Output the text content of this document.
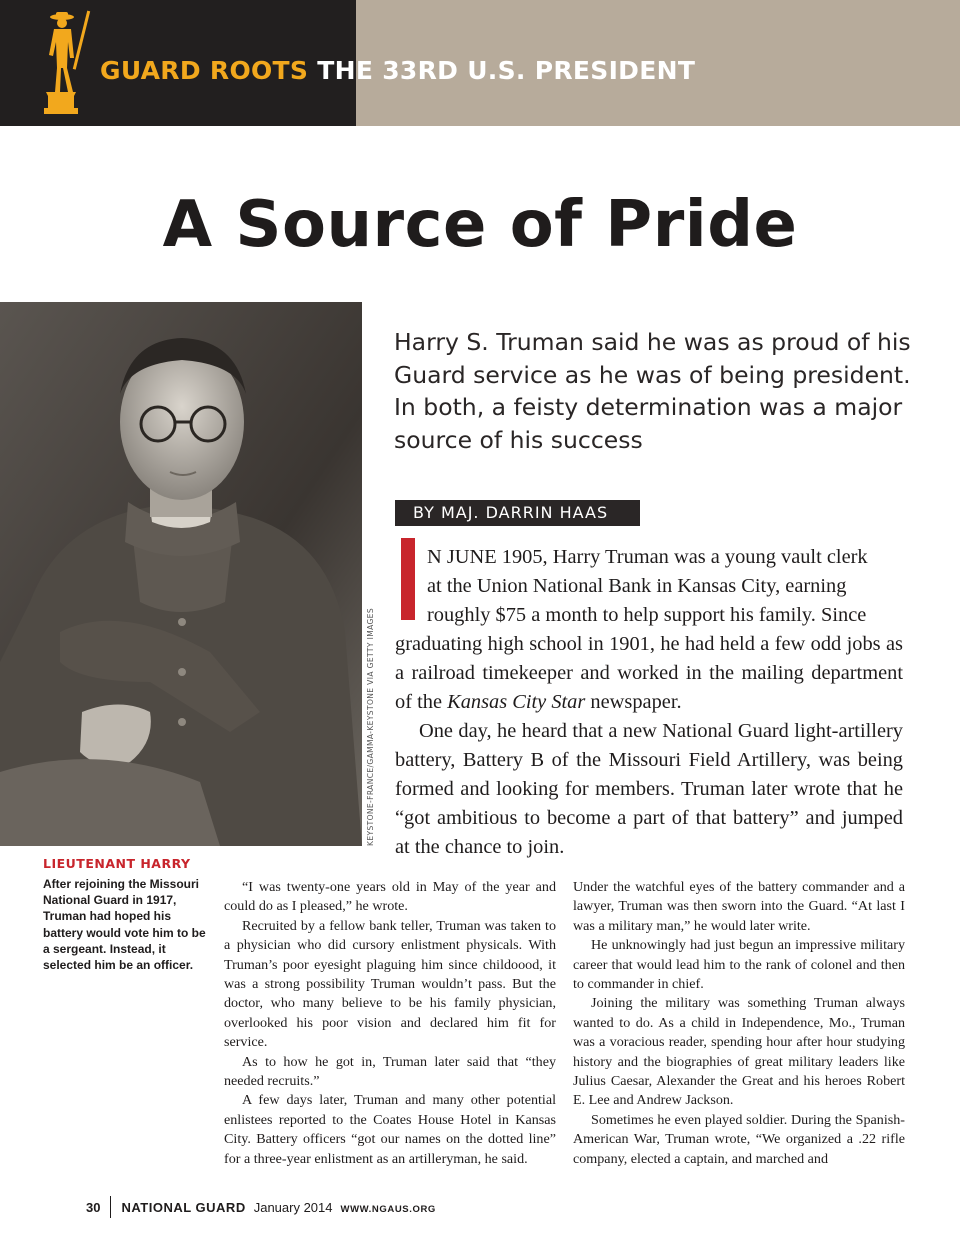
GUARD ROOTS THE 33RD U.S. PRESIDENT
A Source of Pride
KEYSTONE-FRANCE/GAMMA-KEYSTONE VIA GETTY IMAGES
Harry S. Truman said he was as proud of his Guard service as he was of being president. In both, a feisty determination was a major source of his success
BY MAJ. DARRIN HAAS

N JUNE 1905, Harry Truman was a young vault clerk
at the Union National Bank in Kansas City, earning
roughly $75 a month to help support his family. Since
graduating high school in 1901, he had held a few odd jobs as a railroad timekeeper and worked in the mailing department of the Kansas City Star newspaper.

One day, he heard that a new National Guard light-artillery battery, Battery B of the Missouri Field Artillery, was being formed and looking for members. Truman later wrote that he “got ambitious to become a part of that battery” and jumped at the chance to join.

LIEUTENANT HARRY
After rejoining the Missouri National Guard in 1917, Truman had hoped his battery would vote him to be a sergeant. Instead, it selected him be an officer.

“I was twenty-one years old in May of the year and could do as I pleased,” he wrote.

Recruited by a fellow bank teller, Truman was taken to a physician who did cursory enlistment physicals. With Truman’s poor eyesight plaguing him since childoood, it was a strong possibility Truman wouldn’t pass. But the doctor, who many believe to be his family physician, overlooked his poor vision and declared him fit for service.

As to how he got in, Truman later said that “they needed recruits.”

A few days later, Truman and many other potential enlistees reported to the Coates House Hotel in Kansas City. Battery officers “got our names on the dotted line” for a three-year enlistment as an artilleryman, he said.

Under the watchful eyes of the battery commander and a lawyer, Truman was then sworn into the Guard. “At last I was a military man,” he would later write.

He unknowingly had just begun an impressive military career that would lead him to the rank of colonel and then to commander in chief.

Joining the military was something Truman always wanted to do. As a child in Independence, Mo., Truman was a voracious reader, spending hour after hour studying history and the biographies of great military leaders like Julius Caesar, Alexander the Great and his heroes Robert E. Lee and Andrew Jackson.

Sometimes he even played soldier. During the Spanish-American War, Truman wrote, “We organized a .22 rifle company, elected a captain, and marched and

30 NATIONAL GUARD January 2014 WWW.NGAUS.ORG
